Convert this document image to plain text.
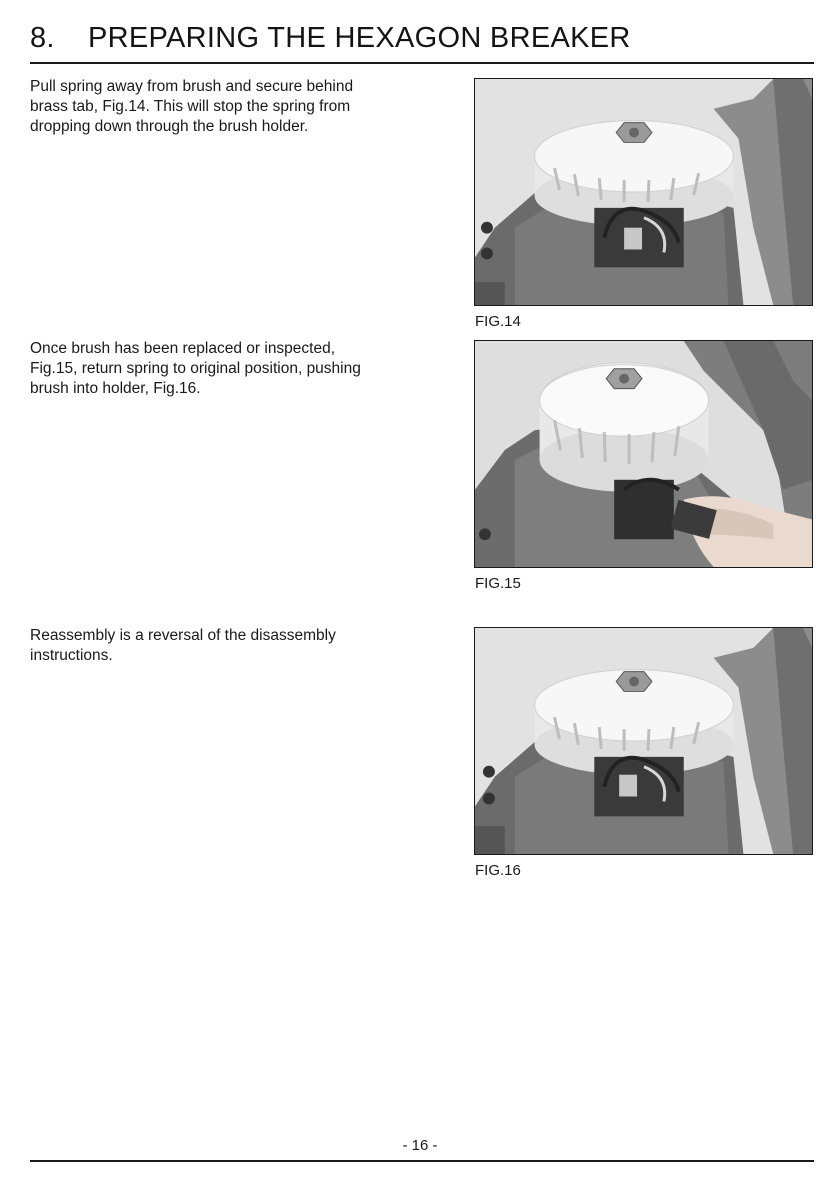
8. PREPARING THE HEXAGON BREAKER
Pull spring away from brush and secure behind
brass tab, Fig.14. This will stop the spring from
dropping down through the brush holder.
FIG.14
Once brush has been replaced or inspected,
Fig.15, return spring to original position, pushing
brush into holder, Fig.16.
FIG.15
Reassembly is a reversal of the disassembly
instructions.
FIG.16
- 16 -
